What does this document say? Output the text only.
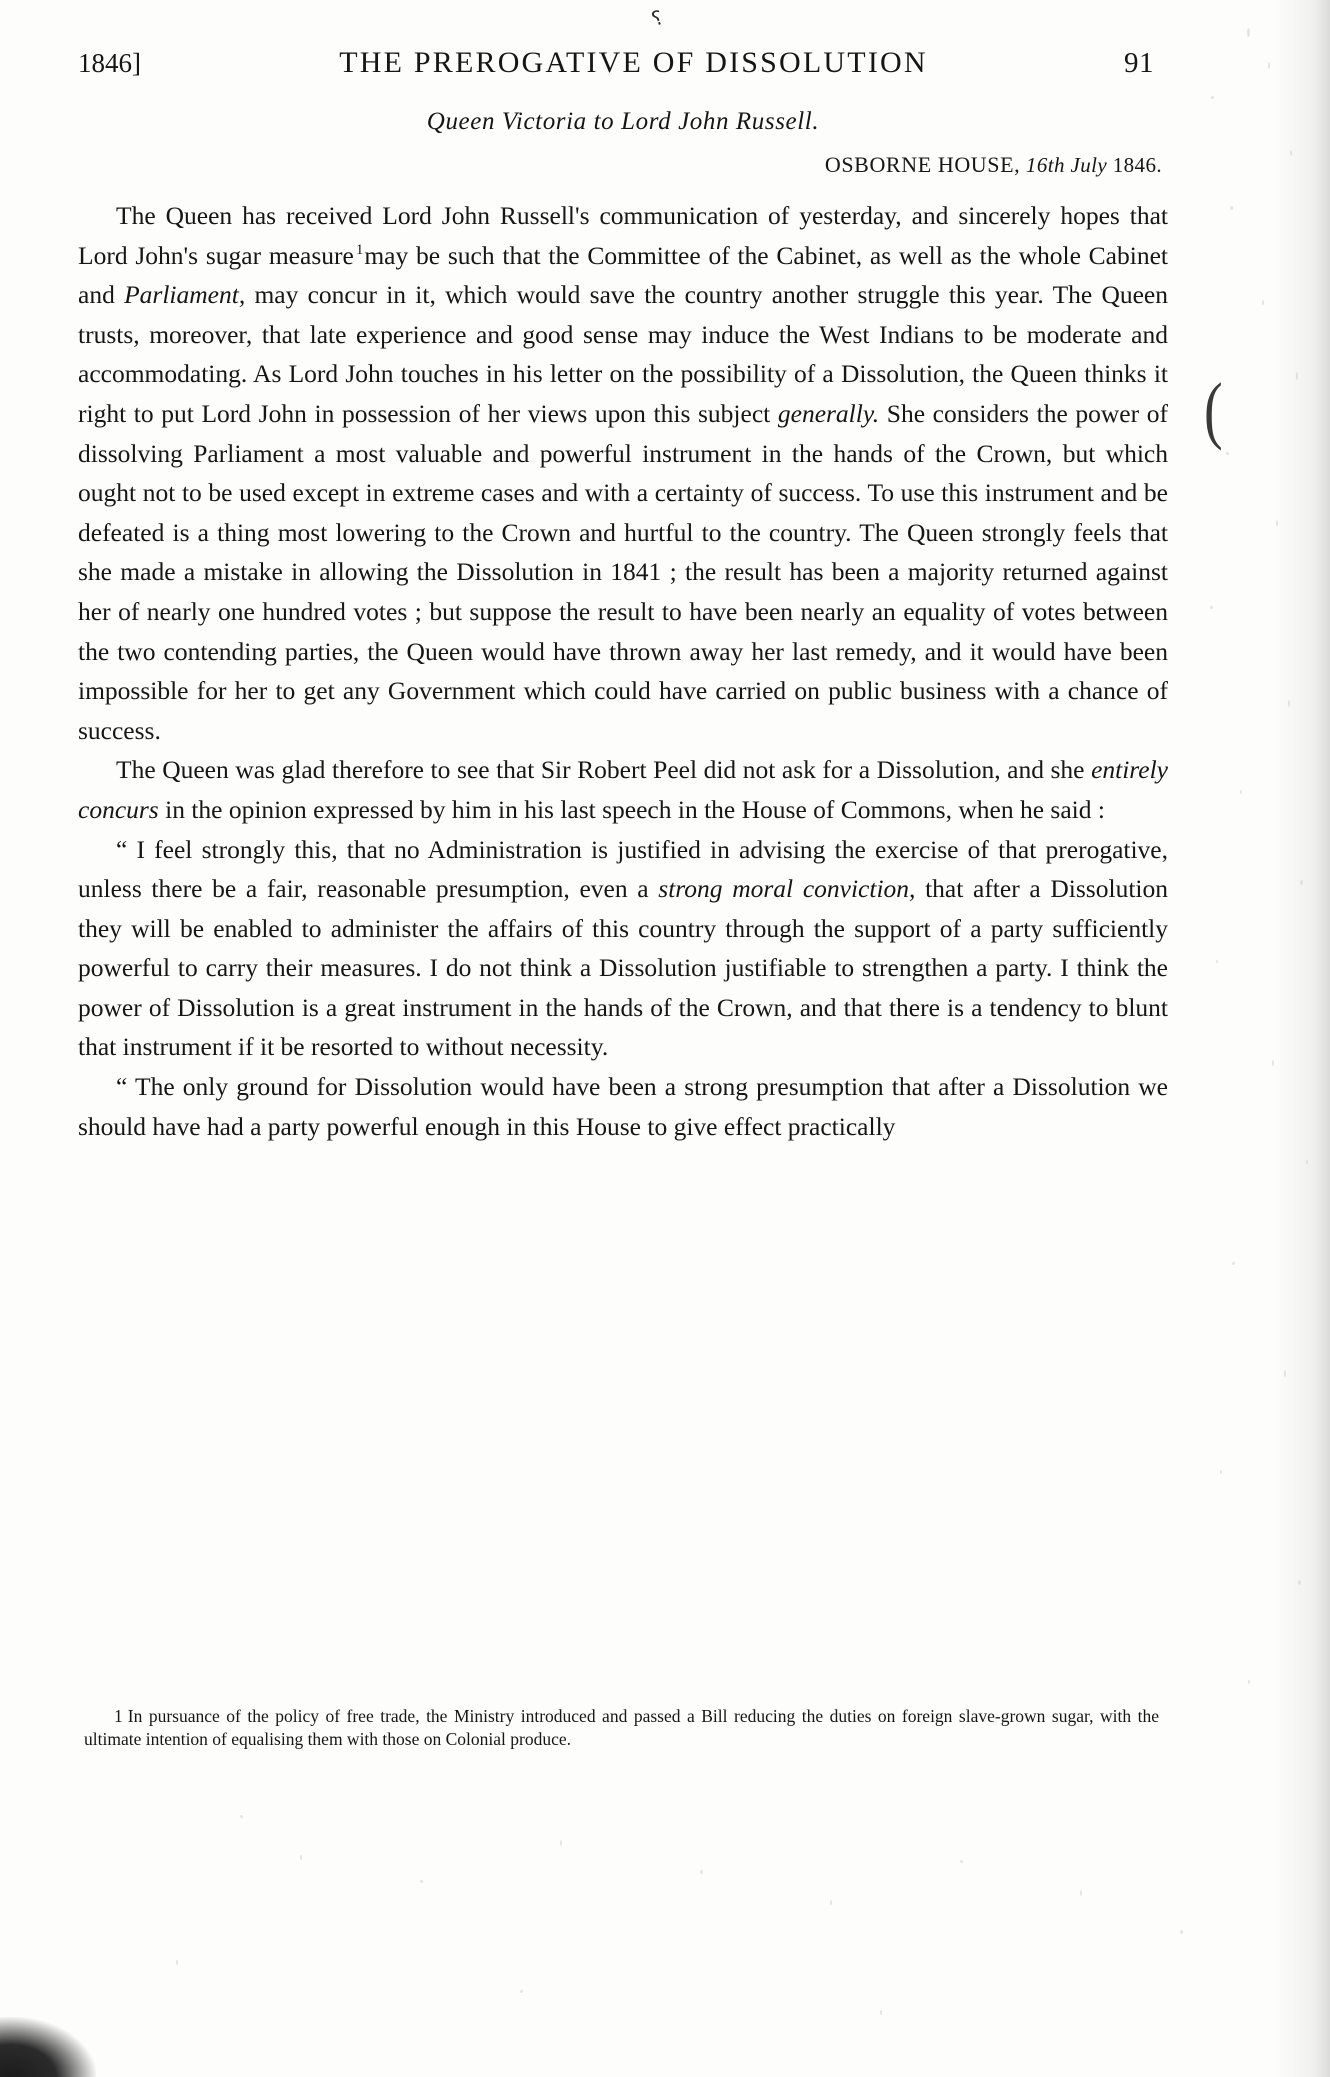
⸮
1846]	THE PREROGATIVE OF DISSOLUTION	91
Queen Victoria to Lord John Russell.
OSBORNE HOUSE, 16th July 1846.

The Queen has received Lord John Russell's communication of yesterday, and sincerely hopes that Lord John's sugar measure $^1$may be such that the Committee of the Cabinet, as well as the whole Cabinet and Parliament, may concur in it, which would save the country another struggle this year. The Queen trusts, moreover, that late experience and good sense may induce the West Indians to be moderate and accommodating. As Lord John touches in his letter on the possibility of a Dissolution, the Queen thinks it right to put Lord John in possession of her views upon this subject generally. She considers the power of dissolving Parliament a most valuable and powerful instrument in the hands of the Crown, but which ought not to be used except in extreme cases and with a certainty of success. To use this instrument and be defeated is a thing most lowering to the Crown and hurtful to the country. The Queen strongly feels that she made a mistake in allowing the Dissolution in 1841 ; the result has been a majority returned against her of nearly one hundred votes ; but suppose the result to have been nearly an equality of votes between the two contending parties, the Queen would have thrown away her last remedy, and it would have been impossible for her to get any Government which could have carried on public business with a chance of success.

The Queen was glad therefore to see that Sir Robert Peel did not ask for a Dissolution, and she entirely concurs in the opinion expressed by him in his last speech in the House of Commons, when he said :

“ I feel strongly this, that no Administration is justified in advising the exercise of that prerogative, unless there be a fair, reasonable presumption, even a strong moral conviction, that after a Dissolution they will be enabled to administer the affairs of this country through the support of a party sufficiently powerful to carry their measures. I do not think a Dissolution justifiable to strengthen a party. I think the power of Dissolution is a great instrument in the hands of the Crown, and that there is a tendency to blunt that instrument if it be resorted to without necessity.

“ The only ground for Dissolution would have been a strong presumption that after a Dissolution we should have had a party powerful enough in this House to give effect practically

(
1 In pursuance of the policy of free trade, the Ministry introduced and passed a Bill reducing the duties on foreign slave-grown sugar, with the ultimate intention of equalising them with those on Colonial produce.
